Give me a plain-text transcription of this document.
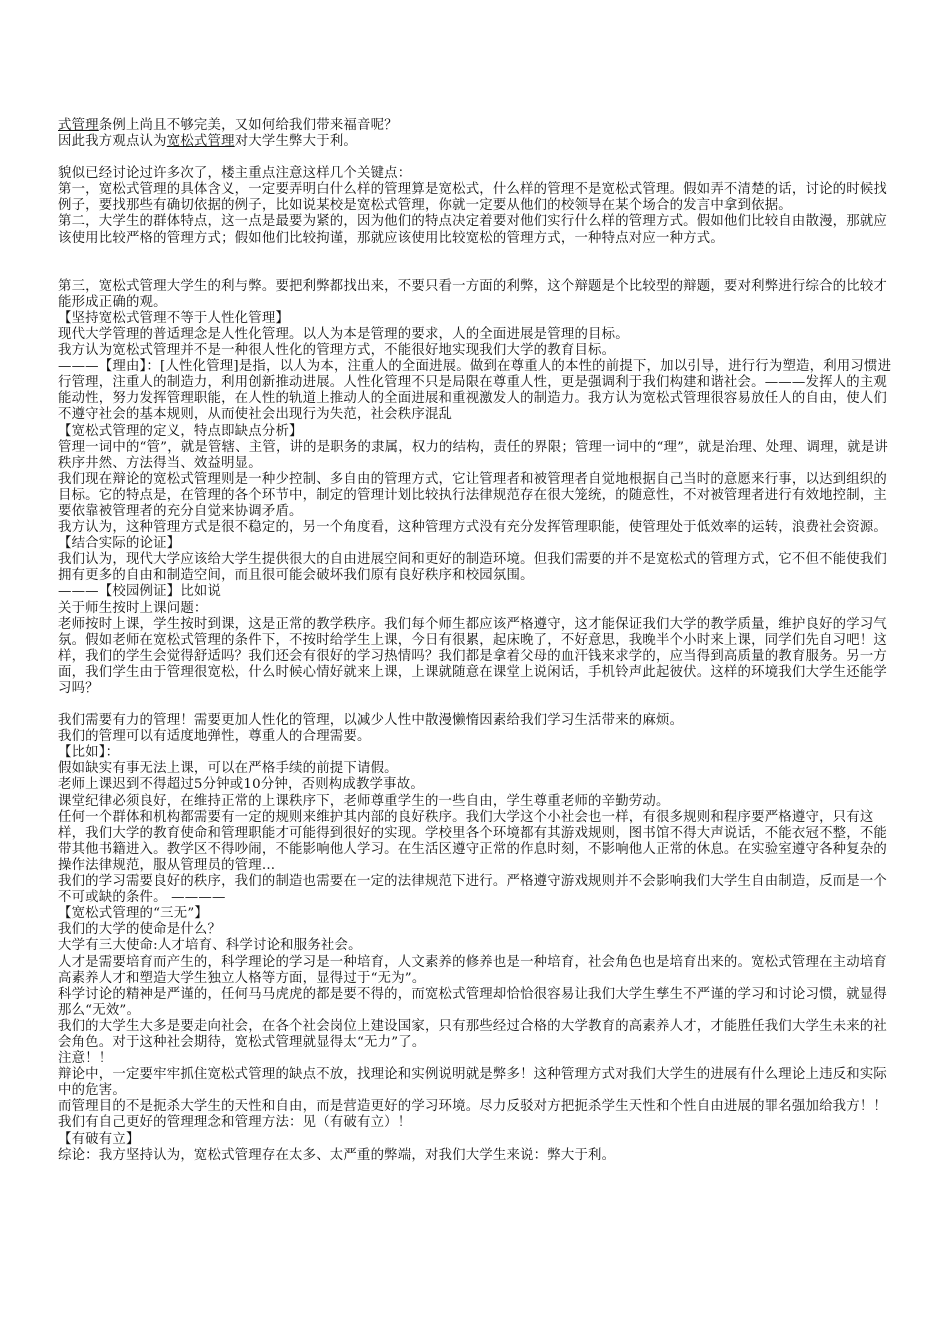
式管理条例上尚且不够完美，又如何给我们带来福音呢？

因此我方观点认为宽松式管理对大学生弊大于利。

貌似已经讨论过许多次了，楼主重点注意这样几个关键点：

第一，宽松式管理的具体含义，一定要弄明白什么样的管理算是宽松式，什么样的管理不是宽松式管理。假如弄不清楚的话，讨论的时候找例子，要找那些有确切依据的例子，比如说某校是宽松式管理，你就一定要从他们的校领导在某个场合的发言中拿到依据。

第二，大学生的群体特点，这一点是最要为紧的，因为他们的特点决定着要对他们实行什么样的管理方式。假如他们比较自由散漫，那就应该使用比较严格的管理方式；假如他们比较拘谨，那就应该使用比较宽松的管理方式，一种特点对应一种方式。

第三，宽松式管理大学生的利与弊。要把利弊都找出来，不要只看一方面的利弊，这个辩题是个比较型的辩题，要对利弊进行综合的比较才能形成正确的观。

【坚持宽松式管理不等于人性化管理】

现代大学管理的普适理念是人性化管理。以人为本是管理的要求，人的全面进展是管理的目标。

我方认为宽松式管理并不是一种很人性化的管理方式，不能很好地实现我们大学的教育目标。

———【理由】：[人性化管理]是指，以人为本，注重人的全面进展。做到在尊重人的本性的前提下，加以引导，进行行为塑造，利用习惯进行管理，注重人的制造力，利用创新推动进展。人性化管理不只是局限在尊重人性，更是强调利于我们构建和谐社会。———发挥人的主观能动性，努力发挥管理职能，在人性的轨道上推动人的全面进展和重视激发人的制造力。我方认为宽松式管理很容易放任人的自由，使人们不遵守社会的基本规则，从而使社会出现行为失范，社会秩序混乱

【宽松式管理的定义，特点即缺点分析】

管理一词中的“管”，就是管辖、主管，讲的是职务的隶属，权力的结构，责任的界限；管理一词中的“理”，就是治理、处理、调理，就是讲秩序井然、方法得当、效益明显。

我们现在辩论的宽松式管理则是一种少控制、多自由的管理方式，它让管理者和被管理者自觉地根据自己当时的意愿来行事，以达到组织的目标。它的特点是，在管理的各个环节中，制定的管理计划比较执行法律规范存在很大笼统，的随意性，不对被管理者进行有效地控制，主要依靠被管理者的充分自觉来协调矛盾。

我方认为，这种管理方式是很不稳定的，另一个角度看，这种管理方式没有充分发挥管理职能，使管理处于低效率的运转，浪费社会资源。

【结合实际的论证】

我们认为，现代大学应该给大学生提供很大的自由进展空间和更好的制造环境。但我们需要的并不是宽松式的管理方式，它不但不能使我们拥有更多的自由和制造空间，而且很可能会破坏我们原有良好秩序和校园氛围。

———【校园例证】比如说

关于师生按时上课问题：

老师按时上课，学生按时到课，这是正常的教学秩序。我们每个师生都应该严格遵守，这才能保证我们大学的教学质量，维护良好的学习气氛。假如老师在宽松式管理的条件下，不按时给学生上课，今日有很累，起床晚了，不好意思，我晚半个小时来上课，同学们先自习吧！这样，我们的学生会觉得舒适吗？我们还会有很好的学习热情吗？我们都是拿着父母的血汗钱来求学的，应当得到高质量的教育服务。另一方面，我们学生由于管理很宽松，什么时候心情好就来上课，上课就随意在课堂上说闲话，手机铃声此起彼伏。这样的环境我们大学生还能学习吗？

我们需要有力的管理！需要更加人性化的管理，以减少人性中散漫懒惰因素给我们学习生活带来的麻烦。

我们的管理可以有适度地弹性，尊重人的合理需要。

【比如】：

假如缺实有事无法上课，可以在严格手续的前提下请假。

老师上课迟到不得超过5分钟或10分钟，否则构成教学事故。

课堂纪律必须良好，在维持正常的上课秩序下，老师尊重学生的一些自由，学生尊重老师的辛勤劳动。

任何一个群体和机构都需要有一定的规则来维护其内部的良好秩序。我们大学这个小社会也一样，有很多规则和程序要严格遵守，只有这样，我们大学的教育使命和管理职能才可能得到很好的实现。学校里各个环境都有其游戏规则，图书馆不得大声说话，不能衣冠不整，不能带其他书籍进入。教学区不得吵闹，不能影响他人学习。在生活区遵守正常的作息时刻，不影响他人正常的休息。在实验室遵守各种复杂的操作法律规范，服从管理员的管理...

我们的学习需要良好的秩序，我们的制造也需要在一定的法律规范下进行。严格遵守游戏规则并不会影响我们大学生自由制造，反而是一个不可或缺的条件。 ————

【宽松式管理的“三无”】

我们的大学的使命是什么？

大学有三大使命:人才培育、科学讨论和服务社会。

人才是需要培育而产生的，科学理论的学习是一种培育，人文素养的修养也是一种培育，社会角色也是培育出来的。宽松式管理在主动培育高素养人才和塑造大学生独立人格等方面，显得过于“无为”。

科学讨论的精神是严谨的，任何马马虎虎的都是要不得的，而宽松式管理却恰恰很容易让我们大学生孳生不严谨的学习和讨论习惯，就显得那么“无效”。

我们的大学生大多是要走向社会，在各个社会岗位上建设国家，只有那些经过合格的大学教育的高素养人才，才能胜任我们大学生未来的社会角色。对于这种社会期待，宽松式管理就显得太“无力”了。

注意！！

辩论中，一定要牢牢抓住宽松式管理的缺点不放，找理论和实例说明就是弊多！这种管理方式对我们大学生的进展有什么理论上违反和实际中的危害。

而管理目的不是扼杀大学生的天性和自由，而是营造更好的学习环境。尽力反驳对方把扼杀学生天性和个性自由进展的罪名强加给我方！！我们有自己更好的管理理念和管理方法：见（有破有立）！

【有破有立】

综论：我方坚持认为，宽松式管理存在太多、太严重的弊端，对我们大学生来说：弊大于利。
